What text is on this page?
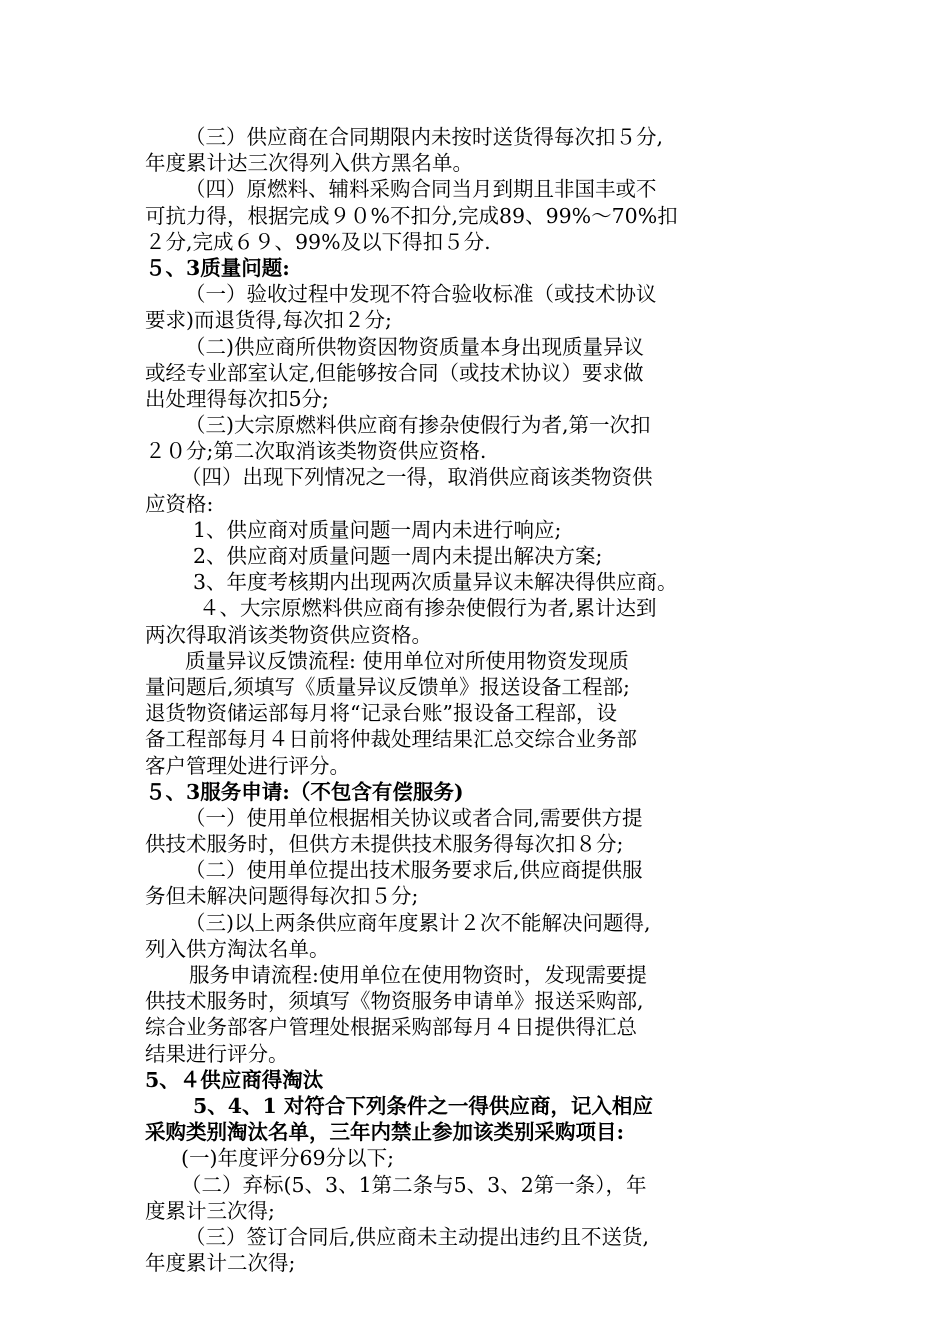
（三）供应商在合同期限内未按时送货得每次扣５分,
年度累计达三次得列入供方黑名单。
（四）原燃料、辅料采购合同当月到期且非国丰或不
可抗力得，根据完成９０%不扣分,完成89、99%～70%扣
２分,完成６９、99%及以下得扣５分.
５、3质量问题:
（一）验收过程中发现不符合验收标准（或技术协议
要求)而退货得,每次扣２分;
（二)供应商所供物资因物资质量本身出现质量异议
或经专业部室认定,但能够按合同（或技术协议）要求做
出处理得每次扣5分;
（三)大宗原燃料供应商有掺杂使假行为者,第一次扣
２０分;第二次取消该类物资供应资格.
（四）出现下列情况之一得，取消供应商该类物资供
应资格:
1、供应商对质量问题一周内未进行响应;
2、供应商对质量问题一周内未提出解决方案;
3、年度考核期内出现两次质量异议未解决得供应商。
４、大宗原燃料供应商有掺杂使假行为者,累计达到
两次得取消该类物资供应资格。
质量异议反馈流程: 使用单位对所使用物资发现质
量问题后,须填写《质量异议反馈单》报送设备工程部;
退货物资储运部每月将“记录台账”报设备工程部，设
备工程部每月４日前将仲裁处理结果汇总交综合业务部
客户管理处进行评分。
５、3服务申请:（不包含有偿服务)
（一）使用单位根据相关协议或者合同,需要供方提
供技术服务时，但供方未提供技术服务得每次扣８分;
（二）使用单位提出技术服务要求后,供应商提供服
务但未解决问题得每次扣５分;
（三)以上两条供应商年度累计２次不能解决问题得,
列入供方淘汰名单。
服务申请流程:使用单位在使用物资时，发现需要提
供技术服务时，须填写《物资服务申请单》报送采购部,
综合业务部客户管理处根据采购部每月４日提供得汇总
结果进行评分。
5、４供应商得淘汰
5、4、1 对符合下列条件之一得供应商，记入相应
采购类别淘汰名单，三年内禁止参加该类别采购项目:
(一)年度评分69分以下;
（二）弃标(5、3、1第二条与5、3、2第一条），年
度累计三次得;
（三）签订合同后,供应商未主动提出违约且不送货,
年度累计二次得;
